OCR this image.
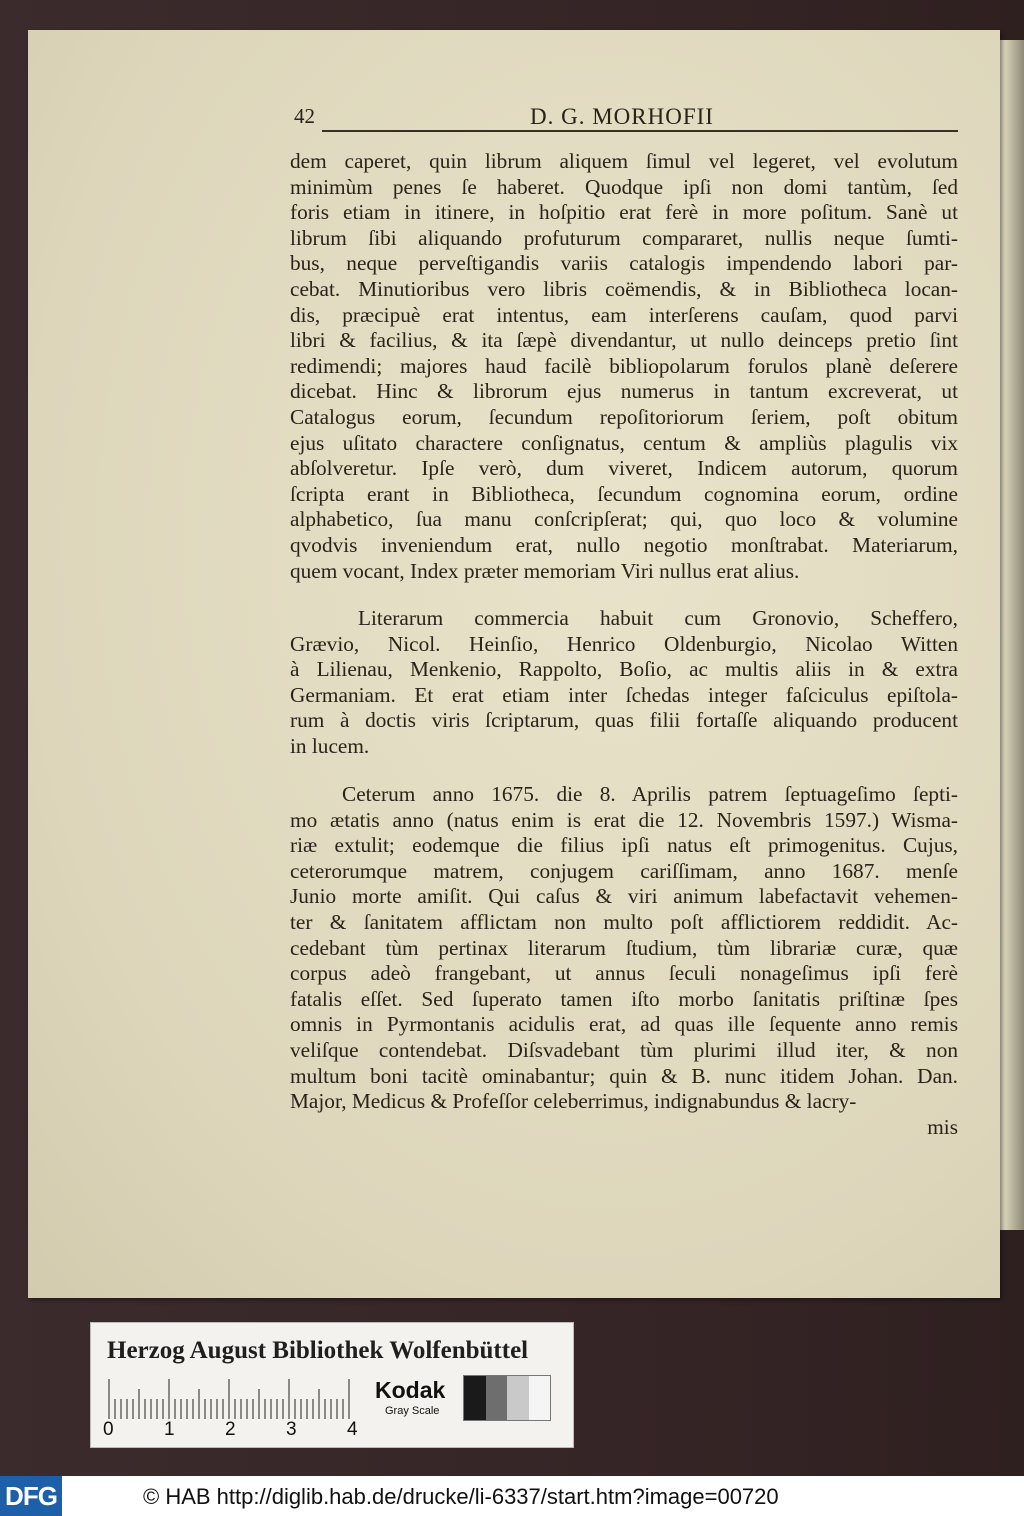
42	D. G. MORHOFII
dem caperet, quin librum aliquem ſimul vel legeret, vel evolutum
minimùm penes ſe haberet. Quodque ipſi non domi tantùm, ſed
foris etiam in itinere, in hoſpitio erat ferè in more poſitum. Sanè ut
librum ſibi aliquando profuturum compararet, nullis neque ſumti-
bus, neque perveſtigandis variis catalogis impendendo labori par-
cebat. Minutioribus vero libris coëmendis, & in Bibliotheca locan-
dis, præcipuè erat intentus, eam interſerens cauſam, quod parvi
libri & facilius, & ita ſæpè divendantur, ut nullo deinceps pretio ſint
redimendi; majores haud facilè bibliopolarum forulos planè deſerere
dicebat. Hinc & librorum ejus numerus in tantum excreverat, ut
Catalogus eorum, ſecundum repoſitoriorum ſeriem, poſt obitum
ejus uſitato charactere conſignatus, centum & ampliùs plagulis vix
abſolveretur. Ipſe verò, dum viveret, Indicem autorum, quorum
ſcripta erant in Bibliotheca, ſecundum cognomina eorum, ordine
alphabetico, ſua manu conſcripſerat; qui, quo loco & volumine
qvodvis inveniendum erat, nullo negotio monſtrabat. Materiarum,
quem vocant, Index præter memoriam Viri nullus erat alius.
Literarum commercia habuit cum Gronovio, Scheffero,
Grævio, Nicol. Heinſio, Henrico Oldenburgio, Nicolao Witten
à Lilienau, Menkenio, Rappolto, Boſio, ac multis aliis in & extra
Germaniam. Et erat etiam inter ſchedas integer faſciculus epiſtola-
rum à doctis viris ſcriptarum, quas filii fortaſſe aliquando producent
in lucem.
Ceterum anno 1675. die 8. Aprilis patrem ſeptuageſimo ſepti-
mo ætatis anno (natus enim is erat die 12. Novembris 1597.) Wisma-
riæ extulit; eodemque die filius ipſi natus eſt primogenitus. Cujus,
ceterorumque matrem, conjugem cariſſimam, anno 1687. menſe
Junio morte amiſit. Qui caſus & viri animum labefactavit vehemen-
ter & ſanitatem afflictam non multo poſt afflictiorem reddidit. Ac-
cedebant tùm pertinax literarum ſtudium, tùm librariæ curæ, quæ
corpus adeò frangebant, ut annus ſeculi nonageſimus ipſi ferè
fatalis eſſet. Sed ſuperato tamen iſto morbo ſanitatis priſtinæ ſpes
omnis in Pyrmontanis acidulis erat, ad quas ille ſequente anno remis
veliſque contendebat. Diſsvadebant tùm plurimi illud iter, & non
multum boni tacitè ominabantur; quin & B. nunc itidem Johan. Dan.
Major, Medicus & Profeſſor celeberrimus, indignabundus & lacry-
mis
Herzog August Bibliothek Wolfenbüttel
0	1	2	3	4
Kodak
Gray Scale
DFG	© HAB http://diglib.hab.de/drucke/li-6337/start.htm?image=00720
